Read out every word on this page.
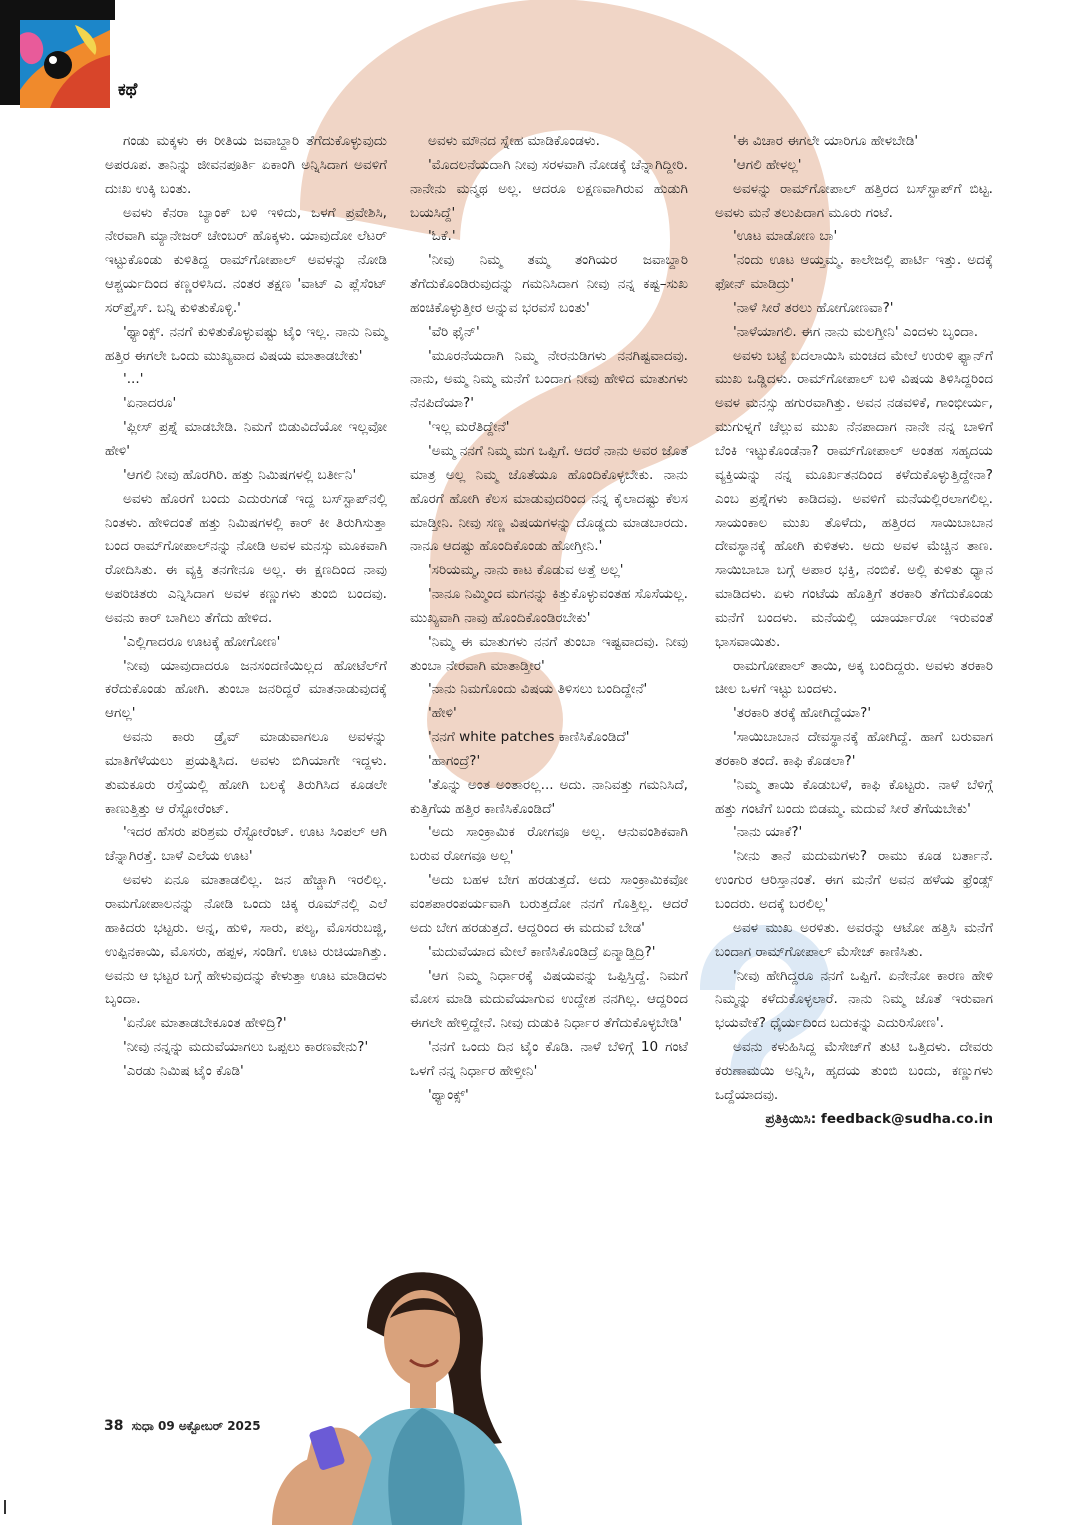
ಕಥೆ

ಗಂಡು ಮಕ್ಕಳು ಈ ರೀತಿಯ ಜವಾಬ್ದಾರಿ ತೆಗೆದುಕೊಳ್ಳುವುದು ಅಪರೂಪ. ತಾನಿನ್ನು ಜೀವನಪೂರ್ತಿ ಏಕಾಂಗಿ ಅನ್ನಿಸಿದಾಗ ಅವಳಿಗೆ ದುಃಖ ಉಕ್ಕಿ ಬಂತು.

ಅವಳು ಕೆನರಾ ಬ್ಯಾಂಕ್ ಬಳಿ ಇಳಿದು, ಒಳಗೆ ಪ್ರವೇಶಿಸಿ, ನೇರವಾಗಿ ಮ್ಯಾನೇಜರ್ ಚೇಂಬರ್ ಹೊಕ್ಕಳು. ಯಾವುದೋ ಲೆಟರ್ ಇಟ್ಟುಕೊಂಡು ಕುಳಿತಿದ್ದ ರಾಮ್‌ಗೋಪಾಲ್ ಅವಳನ್ನು ನೋಡಿ ಆಶ್ಚರ್ಯದಿಂದ ಕಣ್ಣರಳಿಸಿದ. ನಂತರ ತಕ್ಷಣ 'ವಾಟ್ ಎ ಪ್ಲೆಸೆಂಟ್ ಸರ್‌ಪ್ರೈಸ್. ಬನ್ನಿ ಕುಳಿತುಕೊಳ್ಳಿ.'

'ಥ್ಯಾಂಕ್ಸ್. ನನಗೆ ಕುಳಿತುಕೊಳ್ಳುವಷ್ಟು ಟೈಂ ಇಲ್ಲ. ನಾನು ನಿಮ್ಮ ಹತ್ತಿರ ಈಗಲೇ ಒಂದು ಮುಖ್ಯವಾದ ವಿಷಯ ಮಾತಾಡಬೇಕು'

'...'

'ಏನಾದರೂ'

'ಪ್ಲೀಸ್ ಪ್ರಶ್ನೆ ಮಾಡಬೇಡಿ. ನಿಮಗೆ ಬಿಡುವಿದೆಯೋ ಇಲ್ಲವೋ ಹೇಳಿ'

'ಆಗಲಿ ನೀವು ಹೊರಗಿರಿ. ಹತ್ತು ನಿಮಿಷಗಳಲ್ಲಿ ಬರ್ತೀನಿ'

ಅವಳು ಹೊರಗೆ ಬಂದು ಎದುರುಗಡೆ ಇದ್ದ ಬಸ್‌ಸ್ಟಾಪ್‌ನಲ್ಲಿ ನಿಂತಳು. ಹೇಳಿದಂತೆ ಹತ್ತು ನಿಮಿಷಗಳಲ್ಲಿ ಕಾರ್ ಕೀ ತಿರುಗಿಸುತ್ತಾ ಬಂದ ರಾಮ್‌ಗೋಪಾಲ್‌ನನ್ನು ನೋಡಿ ಅವಳ ಮನಸ್ಸು ಮೂಕವಾಗಿ ರೋದಿಸಿತು. ಈ ವ್ಯಕ್ತಿ ತನಗೇನೂ ಅಲ್ಲ. ಈ ಕ್ಷಣದಿಂದ ನಾವು ಅಪರಿಚಿತರು ಎನ್ನಿಸಿದಾಗ ಅವಳ ಕಣ್ಣುಗಳು ತುಂಬಿ ಬಂದವು. ಅವನು ಕಾರ್ ಬಾಗಿಲು ತೆಗೆದು ಹೇಳಿದ.

'ಎಲ್ಲಿಗಾದರೂ ಊಟಕ್ಕೆ ಹೋಗೋಣ'

'ನೀವು ಯಾವುದಾದರೂ ಜನಸಂದಣಿಯಿಲ್ಲದ ಹೋಟೆಲ್‌ಗೆ ಕರೆದುಕೊಂಡು ಹೋಗಿ. ತುಂಬಾ ಜನರಿದ್ದರೆ ಮಾತನಾಡುವುದಕ್ಕೆ ಆಗಲ್ಲ'

ಅವನು ಕಾರು ಡ್ರೈವ್ ಮಾಡುವಾಗಲೂ ಅವಳನ್ನು ಮಾತಿಗೆಳೆಯಲು ಪ್ರಯತ್ನಿಸಿದ. ಅವಳು ಬಿಗಿಯಾಗೇ ಇದ್ದಳು. ತುಮಕೂರು ರಸ್ತೆಯಲ್ಲಿ ಹೋಗಿ ಬಲಕ್ಕೆ ತಿರುಗಿಸಿದ ಕೂಡಲೇ ಕಾಣುತ್ತಿತ್ತು ಆ ರೆಸ್ಟೋರೆಂಟ್.

'ಇದರ ಹೆಸರು ಪರಿಶ್ರಮ ರೆಸ್ಟೋರೆಂಟ್. ಊಟ ಸಿಂಪಲ್ ಆಗಿ ಚೆನ್ನಾಗಿರತ್ತೆ. ಬಾಳೆ ಎಲೆಯ ಊಟ'

ಅವಳು ಏನೂ ಮಾತಾಡಲಿಲ್ಲ. ಜನ ಹೆಚ್ಚಾಗಿ ಇರಲಿಲ್ಲ. ರಾಮಗೋಪಾಲನನ್ನು ನೋಡಿ ಒಂದು ಚಿಕ್ಕ ರೂಮ್‌ನಲ್ಲಿ ಎಲೆ ಹಾಕಿದರು ಭಟ್ಟರು. ಅನ್ನ, ಹುಳಿ, ಸಾರು, ಪಲ್ಯ, ಮೊಸರುಬಜ್ಜಿ, ಉಪ್ಪಿನಕಾಯಿ, ಮೊಸರು, ಹಪ್ಪಳ, ಸಂಡಿಗೆ. ಊಟ ರುಚಿಯಾಗಿತ್ತು. ಅವನು ಆ ಭಟ್ಟರ ಬಗ್ಗೆ ಹೇಳುವುದನ್ನು ಕೇಳುತ್ತಾ ಊಟ ಮಾಡಿದಳು ಬೃಂದಾ.

'ಏನೋ ಮಾತಾಡಬೇಕೂಂತ ಹೇಳಿದ್ರಿ?'

'ನೀವು ನನ್ನನ್ನು ಮದುವೆಯಾಗಲು ಒಪ್ಪಲು ಕಾರಣವೇನು?'

'ಎರಡು ನಿಮಿಷ ಟೈಂ ಕೊಡಿ'

ಅವಳು ಮೌನದ ಸ್ನೇಹ ಮಾಡಿಕೊಂಡಳು.

'ಮೊದಲನೆಯದಾಗಿ ನೀವು ಸರಳವಾಗಿ ನೋಡಕ್ಕೆ ಚೆನ್ನಾಗಿದ್ದೀರಿ. ನಾನೇನು ಮನ್ಮಥ ಅಲ್ಲ. ಆದರೂ ಲಕ್ಷಣವಾಗಿರುವ ಹುಡುಗಿ ಬಯಸಿದ್ದೆ'

'ಓಕೆ.'

'ನೀವು ನಿಮ್ಮ ತಮ್ಮ ತಂಗಿಯರ ಜವಾಬ್ದಾರಿ ತೆಗೆದುಕೊಂಡಿರುವುದನ್ನು ಗಮನಿಸಿದಾಗ ನೀವು ನನ್ನ ಕಷ್ಟ–ಸುಖ ಹಂಚಿಕೊಳ್ಳುತ್ತೀರ ಅನ್ನುವ ಭರವಸೆ ಬಂತು'

'ವೆರಿ ಫೈನ್'

'ಮೂರನೆಯದಾಗಿ ನಿಮ್ಮ ನೇರನುಡಿಗಳು ನನಗಿಷ್ಟವಾದವು. ನಾನು, ಅಮ್ಮ ನಿಮ್ಮ ಮನೆಗೆ ಬಂದಾಗ ನೀವು ಹೇಳಿದ ಮಾತುಗಳು ನೆನಪಿದೆಯಾ?'

'ಇಲ್ಲ ಮರೆತಿದ್ದೇನೆ'

'ಅಮ್ಮ ನನಗೆ ನಿಮ್ಮ ಮಗ ಒಪ್ಪಿಗೆ. ಆದರೆ ನಾನು ಅವರ ಜೊತೆ ಮಾತ್ರ ಅಲ್ಲ ನಿಮ್ಮ ಜೊತೆಯೂ ಹೊಂದಿಕೊಳ್ಳಬೇಕು. ನಾನು ಹೊರಗೆ ಹೋಗಿ ಕೆಲಸ ಮಾಡುವುದರಿಂದ ನನ್ನ ಕೈಲಾದಷ್ಟು ಕೆಲಸ ಮಾಡ್ತೀನಿ. ನೀವು ಸಣ್ಣ ವಿಷಯಗಳನ್ನು ದೊಡ್ಡದು ಮಾಡಬಾರದು. ನಾನೂ ಆದಷ್ಟು ಹೊಂದಿಕೊಂಡು ಹೋಗ್ತೀನಿ.'

'ಸರಿಯಮ್ಮ, ನಾನು ಕಾಟ ಕೊಡುವ ಅತ್ತೆ ಅಲ್ಲ'

'ನಾನೂ ನಿಮ್ಮಿಂದ ಮಗನನ್ನು ಕಿತ್ತುಕೊಳ್ಳುವಂತಹ ಸೊಸೆಯಲ್ಲ. ಮುಖ್ಯವಾಗಿ ನಾವು ಹೊಂದಿಕೊಂಡಿರಬೇಕು'

'ನಿಮ್ಮ ಈ ಮಾತುಗಳು ನನಗೆ ತುಂಬಾ ಇಷ್ಟವಾದವು. ನೀವು ತುಂಬಾ ನೇರವಾಗಿ ಮಾತಾಡ್ತೀರ'

'ನಾನು ನಿಮಗೊಂದು ವಿಷಯ ತಿಳಿಸಲು ಬಂದಿದ್ದೇನೆ'

'ಹೇಳಿ'

'ನನಗೆ white patches ಕಾಣಿಸಿಕೊಂಡಿದೆ'

'ಹಾಗಂದ್ರೆ?'

'ತೊನ್ನು ಅಂತ ಅಂತಾರಲ್ಲ... ಅದು. ನಾನಿವತ್ತು ಗಮನಿಸಿದೆ, ಕುತ್ತಿಗೆಯ ಹತ್ತಿರ ಕಾಣಿಸಿಕೊಂಡಿದೆ'

'ಅದು ಸಾಂಕ್ರಾಮಿಕ ರೋಗವೂ ಅಲ್ಲ. ಆನುವಂಶಿಕವಾಗಿ ಬರುವ ರೋಗವೂ ಅಲ್ಲ'

'ಅದು ಬಹಳ ಬೇಗ ಹರಡುತ್ತದೆ. ಅದು ಸಾಂಕ್ರಾಮಿಕವೋ ವಂಶಪಾರಂಪರ್ಯವಾಗಿ ಬರುತ್ತದೋ ನನಗೆ ಗೊತ್ತಿಲ್ಲ. ಆದರೆ ಅದು ಬೇಗ ಹರಡುತ್ತದೆ. ಆದ್ದರಿಂದ ಈ ಮದುವೆ ಬೇಡ'

'ಮದುವೆಯಾದ ಮೇಲೆ ಕಾಣಿಸಿಕೊಂಡಿದ್ರೆ ಏನ್ಮಾಡ್ತಿದ್ರಿ?'

'ಆಗ ನಿಮ್ಮ ನಿರ್ಧಾರಕ್ಕೆ ವಿಷಯವನ್ನು ಒಪ್ಪಿಸ್ತಿದ್ದೆ. ನಿಮಗೆ ಮೋಸ ಮಾಡಿ ಮದುವೆಯಾಗುವ ಉದ್ದೇಶ ನನಗಿಲ್ಲ. ಆದ್ದರಿಂದ ಈಗಲೇ ಹೇಳ್ತಿದ್ದೇನೆ. ನೀವು ದುಡುಕಿ ನಿರ್ಧಾರ ತೆಗೆದುಕೊಳ್ಳಬೇಡಿ'

'ನನಗೆ ಒಂದು ದಿನ ಟೈಂ ಕೊಡಿ. ನಾಳೆ ಬೆಳಿಗ್ಗೆ 10 ಗಂಟೆ ಒಳಗೆ ನನ್ನ ನಿರ್ಧಾರ ಹೇಳ್ತೀನಿ'

'ಥ್ಯಾಂಕ್ಸ್'

'ಈ ವಿಚಾರ ಈಗಲೇ ಯಾರಿಗೂ ಹೇಳಬೇಡಿ'

'ಆಗಲಿ ಹೇಳಲ್ಲ'

ಅವಳನ್ನು ರಾಮ್‌ಗೋಪಾಲ್ ಹತ್ತಿರದ ಬಸ್‌ಸ್ಟಾಪ್‌ಗೆ ಬಿಟ್ಟ. ಅವಳು ಮನೆ ತಲುಪಿದಾಗ ಮೂರು ಗಂಟೆ.

'ಊಟ ಮಾಡೋಣ ಬಾ'

'ನಂದು ಊಟ ಆಯ್ತಮ್ಮ. ಕಾಲೇಜಲ್ಲಿ ಪಾರ್ಟಿ ಇತ್ತು. ಅದಕ್ಕೆ ಫೋನ್ ಮಾಡಿದ್ರು'

'ನಾಳೆ ಸೀರೆ ತರಲು ಹೋಗೋಣವಾ?'

'ನಾಳೆಯಾಗಲಿ. ಈಗ ನಾನು ಮಲಗ್ತೀನಿ' ಎಂದಳು ಬೃಂದಾ.

ಅವಳು ಬಟ್ಟೆ ಬದಲಾಯಿಸಿ ಮಂಚದ ಮೇಲೆ ಉರುಳಿ ಫ್ಯಾನ್‌ಗೆ ಮುಖ ಒಡ್ಡಿದಳು. ರಾಮ್‌ಗೋಪಾಲ್ ಬಳಿ ವಿಷಯ ತಿಳಿಸಿದ್ದರಿಂದ ಅವಳ ಮನಸ್ಸು ಹಗುರವಾಗಿತ್ತು. ಅವನ ನಡವಳಿಕೆ, ಗಾಂಭೀರ್ಯ, ಮುಗುಳ್ನಗೆ ಚೆಲ್ಲುವ ಮುಖ ನೆನಪಾದಾಗ ನಾನೇ ನನ್ನ ಬಾಳಿಗೆ ಬೆಂಕಿ ಇಟ್ಟುಕೊಂಡೆನಾ? ರಾಮ್‌ಗೋಪಾಲ್ ಅಂತಹ ಸಹೃದಯ ವ್ಯಕ್ತಿಯನ್ನು ನನ್ನ ಮೂರ್ಖತನದಿಂದ ಕಳೆದುಕೊಳ್ಳುತ್ತಿದ್ದೇನಾ? ಎಂಬ ಪ್ರಶ್ನೆಗಳು ಕಾಡಿದವು. ಅವಳಿಗೆ ಮನೆಯಲ್ಲಿರಲಾಗಲಿಲ್ಲ. ಸಾಯಂಕಾಲ ಮುಖ ತೊಳೆದು, ಹತ್ತಿರದ ಸಾಯಿಬಾಬಾನ ದೇವಸ್ಥಾನಕ್ಕೆ ಹೋಗಿ ಕುಳಿತಳು. ಅದು ಅವಳ ಮೆಚ್ಚಿನ ತಾಣ. ಸಾಯಿಬಾಬಾ ಬಗ್ಗೆ ಅಪಾರ ಭಕ್ತಿ, ನಂಬಿಕೆ. ಅಲ್ಲಿ ಕುಳಿತು ಧ್ಯಾನ ಮಾಡಿದಳು. ಏಳು ಗಂಟೆಯ ಹೊತ್ತಿಗೆ ತರಕಾರಿ ತೆಗೆದುಕೊಂಡು ಮನೆಗೆ ಬಂದಳು. ಮನೆಯಲ್ಲಿ ಯಾರ್ಯಾರೋ ಇರುವಂತೆ ಭಾಸವಾಯಿತು.

ರಾಮಗೋಪಾಲ್ ತಾಯಿ, ಅಕ್ಕ ಬಂದಿದ್ದರು. ಅವಳು ತರಕಾರಿ ಚೀಲ ಒಳಗೆ ಇಟ್ಟು ಬಂದಳು.

'ತರಕಾರಿ ತರಕ್ಕೆ ಹೋಗಿದ್ದೆಯಾ?'

'ಸಾಯಿಬಾಬಾನ ದೇವಸ್ಥಾನಕ್ಕೆ ಹೋಗಿದ್ದೆ. ಹಾಗೆ ಬರುವಾಗ ತರಕಾರಿ ತಂದೆ. ಕಾಫಿ ಕೊಡಲಾ?'

'ನಿಮ್ಮ ತಾಯಿ ಕೊಡುಬಳೆ, ಕಾಫಿ ಕೊಟ್ಟರು. ನಾಳೆ ಬೆಳಿಗ್ಗೆ ಹತ್ತು ಗಂಟೆಗೆ ಬಂದು ಬಿಡಮ್ಮ. ಮದುವೆ ಸೀರೆ ತೆಗೆಯಬೇಕು'

'ನಾನು ಯಾಕೆ?'

'ನೀನು ತಾನೆ ಮದುಮಗಳು? ರಾಮು ಕೂಡ ಬರ್ತಾನೆ. ಉಂಗುರ ಆರಿಸ್ತಾನಂತೆ. ಈಗ ಮನೆಗೆ ಅವನ ಹಳೆಯ ಫ್ರೆಂಡ್ಸ್ ಬಂದರು. ಅದಕ್ಕೆ ಬರಲಿಲ್ಲ'

ಅವಳ ಮುಖ ಅರಳಿತು. ಅವರನ್ನು ಆಟೋ ಹತ್ತಿಸಿ ಮನೆಗೆ ಬಂದಾಗ ರಾಮ್‌ಗೋಪಾಲ್ ಮೆಸೇಜ್ ಕಾಣಿಸಿತು.

'ನೀವು ಹೇಗಿದ್ದರೂ ನನಗೆ ಒಪ್ಪಿಗೆ. ಏನೇನೋ ಕಾರಣ ಹೇಳಿ ನಿಮ್ಮನ್ನು ಕಳೆದುಕೊಳ್ಳಲಾರೆ. ನಾನು ನಿಮ್ಮ ಜೊತೆ ಇರುವಾಗ ಭಯವೇಕೆ? ಧೈರ್ಯದಿಂದ ಬದುಕನ್ನು ಎದುರಿಸೋಣ'.

ಅವನು ಕಳುಹಿಸಿದ್ದ ಮೆಸೇಜ್‌ಗೆ ತುಟಿ ಒತ್ತಿದಳು. ದೇವರು ಕರುಣಾಮಯಿ ಅನ್ನಿಸಿ, ಹೃದಯ ತುಂಬಿ ಬಂದು, ಕಣ್ಣುಗಳು ಒದ್ದೆಯಾದವು.

ಪ್ರತಿಕ್ರಿಯಿಸಿ: feedback@sudha.co.in

38 ಸುಧಾ 09 ಅಕ್ಟೋಬರ್ 2025
